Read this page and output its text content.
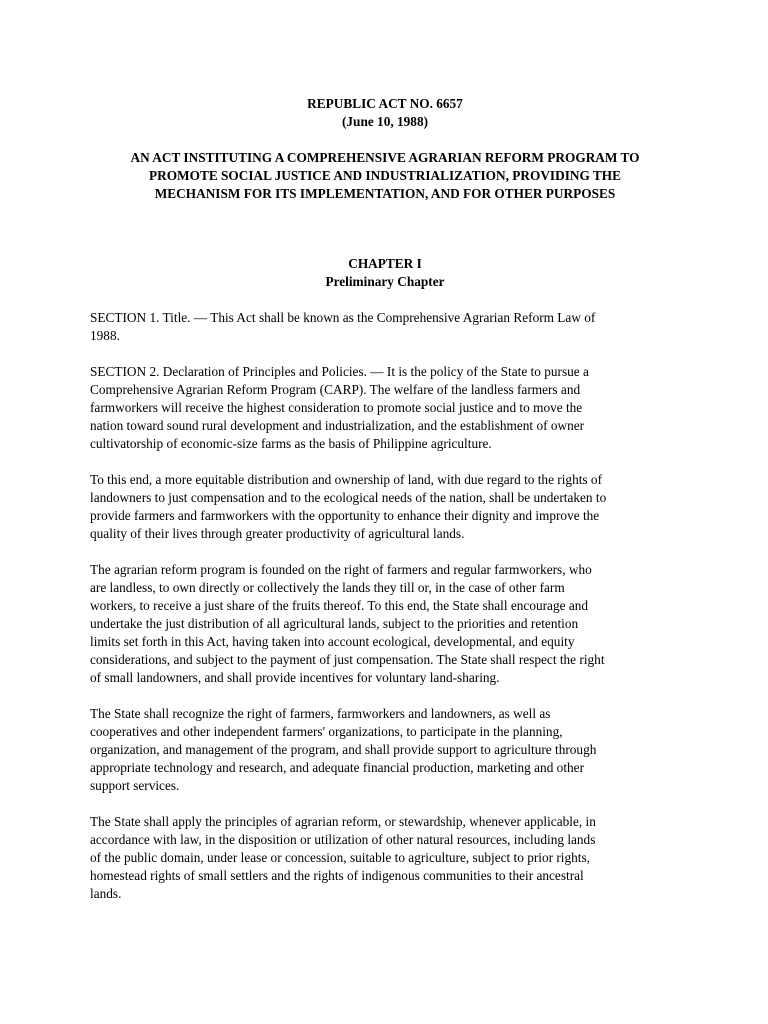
REPUBLIC ACT NO. 6657

(June 10, 1988)

AN ACT INSTITUTING A COMPREHENSIVE AGRARIAN REFORM PROGRAM TO

PROMOTE SOCIAL JUSTICE AND INDUSTRIALIZATION, PROVIDING THE

MECHANISM FOR ITS IMPLEMENTATION, AND FOR OTHER PURPOSES

CHAPTER I

Preliminary Chapter

SECTION 1. Title. — This Act shall be known as the Comprehensive Agrarian Reform Law of
1988.

SECTION 2. Declaration of Principles and Policies. — It is the policy of the State to pursue a
Comprehensive Agrarian Reform Program (CARP). The welfare of the landless farmers and
farmworkers will receive the highest consideration to promote social justice and to move the
nation toward sound rural development and industrialization, and the establishment of owner
cultivatorship of economic-size farms as the basis of Philippine agriculture.

To this end, a more equitable distribution and ownership of land, with due regard to the rights of
landowners to just compensation and to the ecological needs of the nation, shall be undertaken to
provide farmers and farmworkers with the opportunity to enhance their dignity and improve the
quality of their lives through greater productivity of agricultural lands.

The agrarian reform program is founded on the right of farmers and regular farmworkers, who
are landless, to own directly or collectively the lands they till or, in the case of other farm
workers, to receive a just share of the fruits thereof. To this end, the State shall encourage and
undertake the just distribution of all agricultural lands, subject to the priorities and retention
limits set forth in this Act, having taken into account ecological, developmental, and equity
considerations, and subject to the payment of just compensation. The State shall respect the right
of small landowners, and shall provide incentives for voluntary land-sharing.

The State shall recognize the right of farmers, farmworkers and landowners, as well as
cooperatives and other independent farmers' organizations, to participate in the planning,
organization, and management of the program, and shall provide support to agriculture through
appropriate technology and research, and adequate financial production, marketing and other
support services.

The State shall apply the principles of agrarian reform, or stewardship, whenever applicable, in
accordance with law, in the disposition or utilization of other natural resources, including lands
of the public domain, under lease or concession, suitable to agriculture, subject to prior rights,
homestead rights of small settlers and the rights of indigenous communities to their ancestral
lands.
